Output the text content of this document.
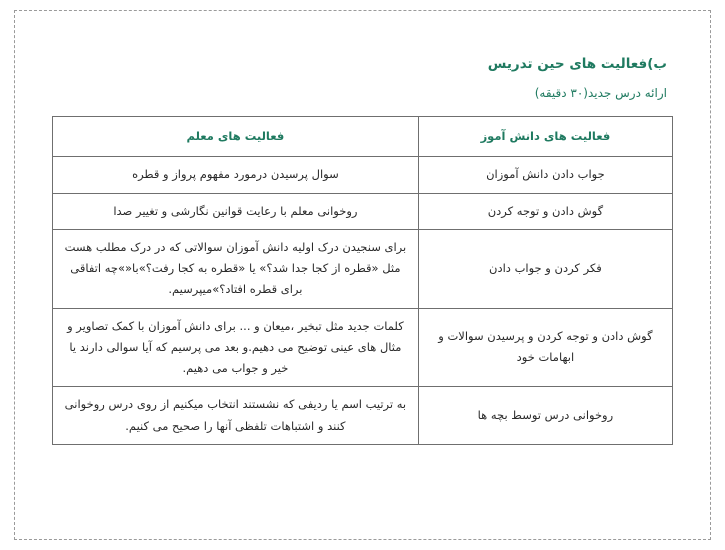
ب)فعالیت های حین تدریس
ارائه درس جدید(۳۰ دقیقه)
فعالیت های دانش آموز	فعالیت های معلم
جواب دادن دانش آموزان	سوال پرسیدن درمورد مفهوم پرواز و قطره
گوش دادن و توجه کردن	روخوانی معلم با رعایت قوانین نگارشی و تغییر صدا
فکر کردن و جواب دادن	برای سنجیدن درک اولیه دانش آموزان سوالاتی که در درک مطلب هست مثل «قطره از کجا جدا شد؟» یا «قطره به کجا رفت؟»با«»چه اتفاقی برای قطره افتاد؟»میپرسیم.
گوش دادن و توجه کردن و پرسیدن سوالات و ابهامات خود	کلمات جدید مثل تبخیر ،میعان و ... برای دانش آموزان با کمک تصاویر و مثال های عینی توضیح می دهیم.و بعد می پرسیم که آیا سوالی دارند یا خیر و جواب می دهیم.
روخوانی درس توسط بچه ها	به ترتیب اسم یا ردیفی که نشستند انتخاب میکنیم از روی درس روخوانی کنند و اشتباهات تلفظی آنها را صحیح می کنیم.
